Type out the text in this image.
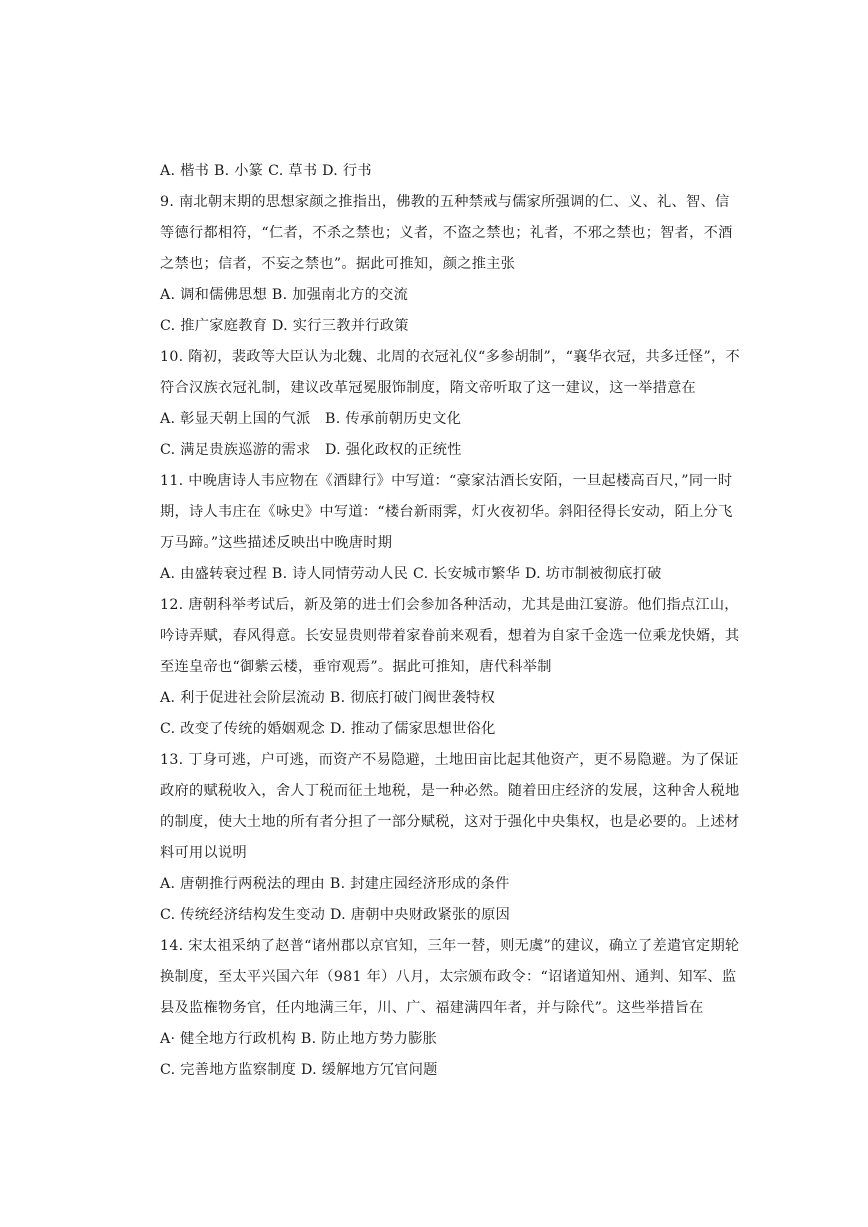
A. 楷书 B. 小篆 C. 草书 D. 行书
9. 南北朝末期的思想家颜之推指出，佛教的五种禁戒与儒家所强调的仁、义、礼、智、信
等德行都相符，“仁者，不杀之禁也；义者，不盗之禁也；礼者，不邪之禁也；智者，不酒
之禁也；信者，不妄之禁也”。据此可推知，颜之推主张
A. 调和儒佛思想 B. 加强南北方的交流
C. 推广家庭教育 D. 实行三教并行政策
10. 隋初，裴政等大臣认为北魏、北周的衣冠礼仪“多参胡制”，“襄华衣冠，共多迁怪”，不
符合汉族衣冠礼制，建议改革冠冕服饰制度，隋文帝听取了这一建议，这一举措意在
A. 彰显天朝上国的气派	B. 传承前朝历史文化
C. 满足贵族巡游的需求	D. 强化政权的正统性
11. 中晚唐诗人韦应物在《酒肆行》中写道：“豪家沽酒长安陌，一旦起楼高百尺，”同一时
期，诗人韦庄在《咏史》中写道：“楼台新雨霁，灯火夜初华。斜阳径得长安动，陌上分飞
万马蹄。”这些描述反映出中晚唐时期
A. 由盛转衰过程 B. 诗人同情劳动人民 C. 长安城市繁华 D. 坊市制被彻底打破
12. 唐朝科举考试后，新及第的进士们会参加各种活动，尤其是曲江宴游。他们指点江山，
吟诗弄赋，春风得意。长安显贵则带着家眷前来观看，想着为自家千金选一位乘龙快婿，其
至连皇帝也“御紫云楼，垂帘观焉”。据此可推知，唐代科举制
A. 利于促进社会阶层流动 B. 彻底打破门阀世袭特权
C. 改变了传统的婚姻观念 D. 推动了儒家思想世俗化
13. 丁身可逃，户可逃，而资产不易隐避，土地田亩比起其他资产，更不易隐避。为了保证
政府的赋税收入，舍人丁税而征土地税，是一种必然。随着田庄经济的发展，这种舍人税地
的制度，使大土地的所有者分担了一部分赋税，这对于强化中央集权，也是必要的。上述材
料可用以说明
A. 唐朝推行两税法的理由 B. 封建庄园经济形成的条件
C. 传统经济结构发生变动 D. 唐朝中央财政紧张的原因
14. 宋太祖采纳了赵普“诸州郡以京官知，三年一替，则无虞”的建议，确立了差遣官定期轮
换制度，至太平兴国六年（981 年）八月，太宗颁布政令：“诏诸道知州、通判、知军、监
县及监権物务官，任内地满三年，川、广、福建满四年者，并与除代”。这些举措旨在
A· 健全地方行政机构 B. 防止地方势力膨胀
C. 完善地方监察制度 D. 缓解地方冗官问题
